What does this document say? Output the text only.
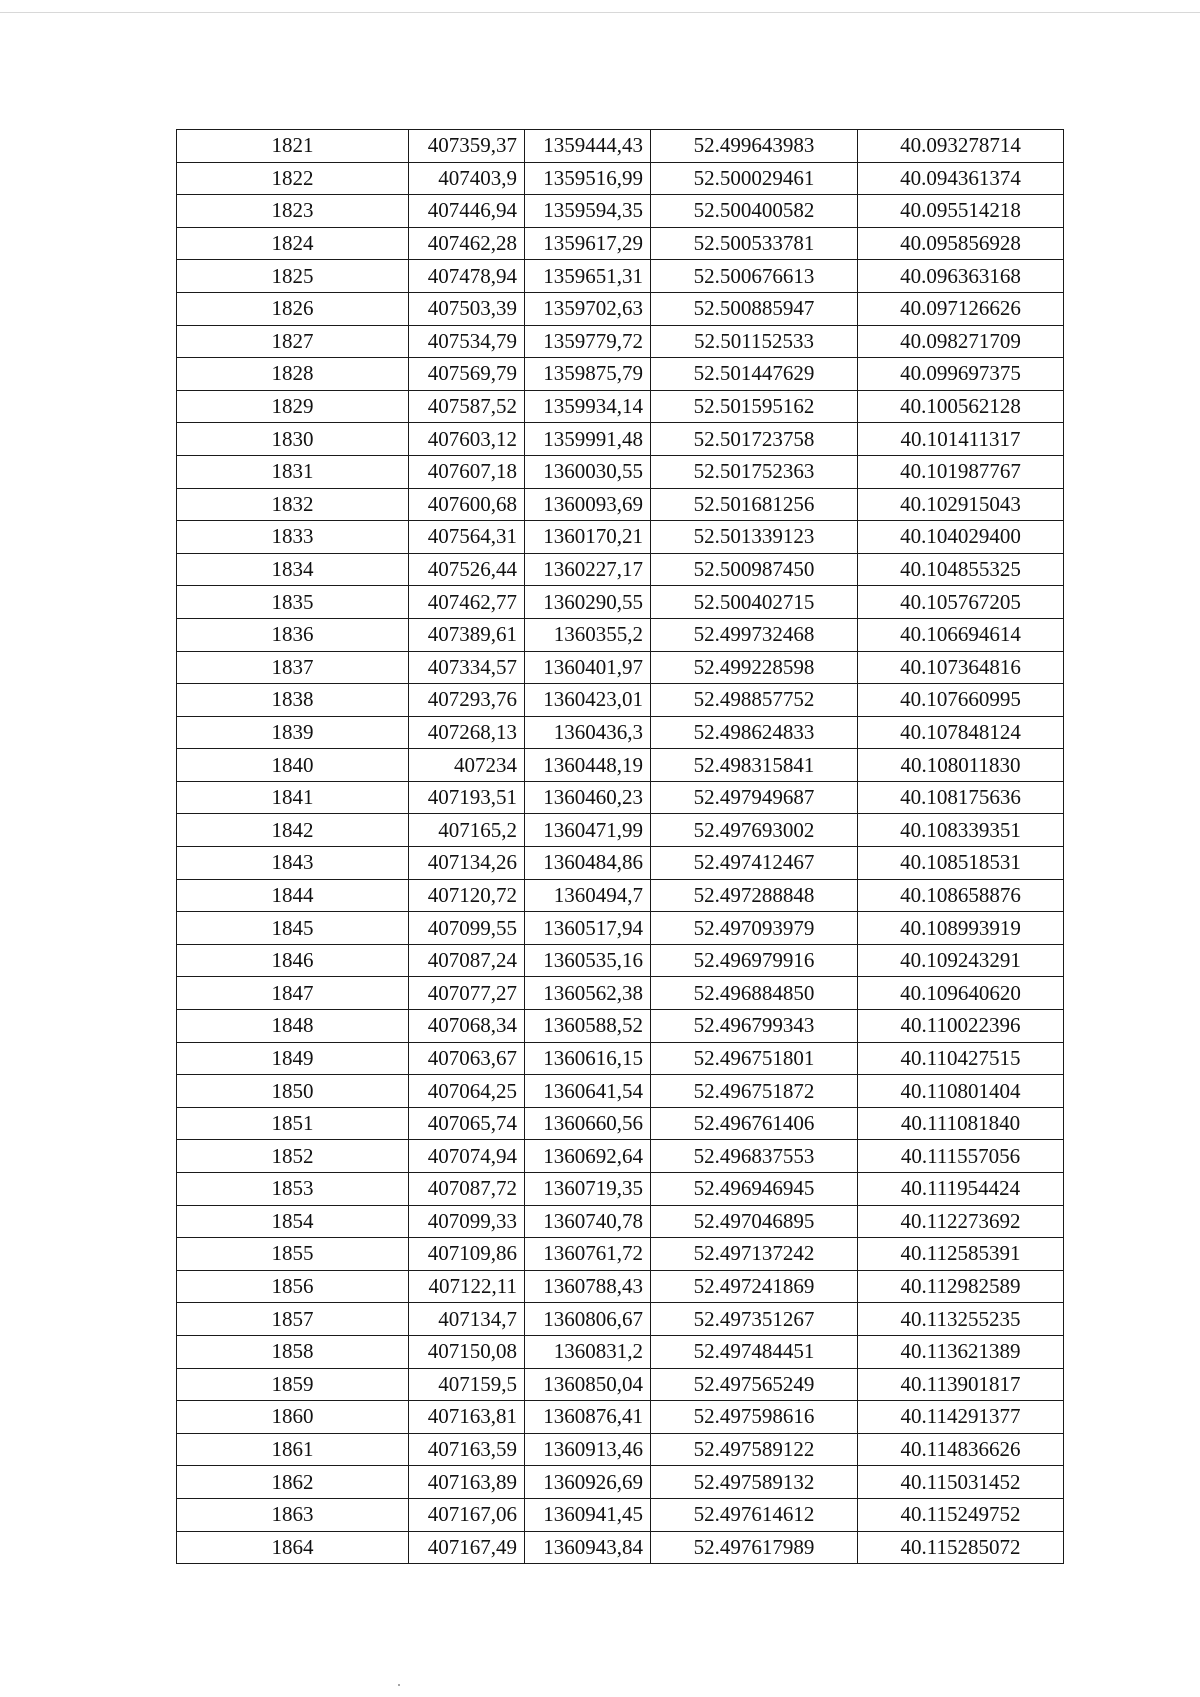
1821	407359,37	1359444,43	52.499643983	40.093278714
1822	407403,9	1359516,99	52.500029461	40.094361374
1823	407446,94	1359594,35	52.500400582	40.095514218
1824	407462,28	1359617,29	52.500533781	40.095856928
1825	407478,94	1359651,31	52.500676613	40.096363168
1826	407503,39	1359702,63	52.500885947	40.097126626
1827	407534,79	1359779,72	52.501152533	40.098271709
1828	407569,79	1359875,79	52.501447629	40.099697375
1829	407587,52	1359934,14	52.501595162	40.100562128
1830	407603,12	1359991,48	52.501723758	40.101411317
1831	407607,18	1360030,55	52.501752363	40.101987767
1832	407600,68	1360093,69	52.501681256	40.102915043
1833	407564,31	1360170,21	52.501339123	40.104029400
1834	407526,44	1360227,17	52.500987450	40.104855325
1835	407462,77	1360290,55	52.500402715	40.105767205
1836	407389,61	1360355,2	52.499732468	40.106694614
1837	407334,57	1360401,97	52.499228598	40.107364816
1838	407293,76	1360423,01	52.498857752	40.107660995
1839	407268,13	1360436,3	52.498624833	40.107848124
1840	407234	1360448,19	52.498315841	40.108011830
1841	407193,51	1360460,23	52.497949687	40.108175636
1842	407165,2	1360471,99	52.497693002	40.108339351
1843	407134,26	1360484,86	52.497412467	40.108518531
1844	407120,72	1360494,7	52.497288848	40.108658876
1845	407099,55	1360517,94	52.497093979	40.108993919
1846	407087,24	1360535,16	52.496979916	40.109243291
1847	407077,27	1360562,38	52.496884850	40.109640620
1848	407068,34	1360588,52	52.496799343	40.110022396
1849	407063,67	1360616,15	52.496751801	40.110427515
1850	407064,25	1360641,54	52.496751872	40.110801404
1851	407065,74	1360660,56	52.496761406	40.111081840
1852	407074,94	1360692,64	52.496837553	40.111557056
1853	407087,72	1360719,35	52.496946945	40.111954424
1854	407099,33	1360740,78	52.497046895	40.112273692
1855	407109,86	1360761,72	52.497137242	40.112585391
1856	407122,11	1360788,43	52.497241869	40.112982589
1857	407134,7	1360806,67	52.497351267	40.113255235
1858	407150,08	1360831,2	52.497484451	40.113621389
1859	407159,5	1360850,04	52.497565249	40.113901817
1860	407163,81	1360876,41	52.497598616	40.114291377
1861	407163,59	1360913,46	52.497589122	40.114836626
1862	407163,89	1360926,69	52.497589132	40.115031452
1863	407167,06	1360941,45	52.497614612	40.115249752
1864	407167,49	1360943,84	52.497617989	40.115285072
